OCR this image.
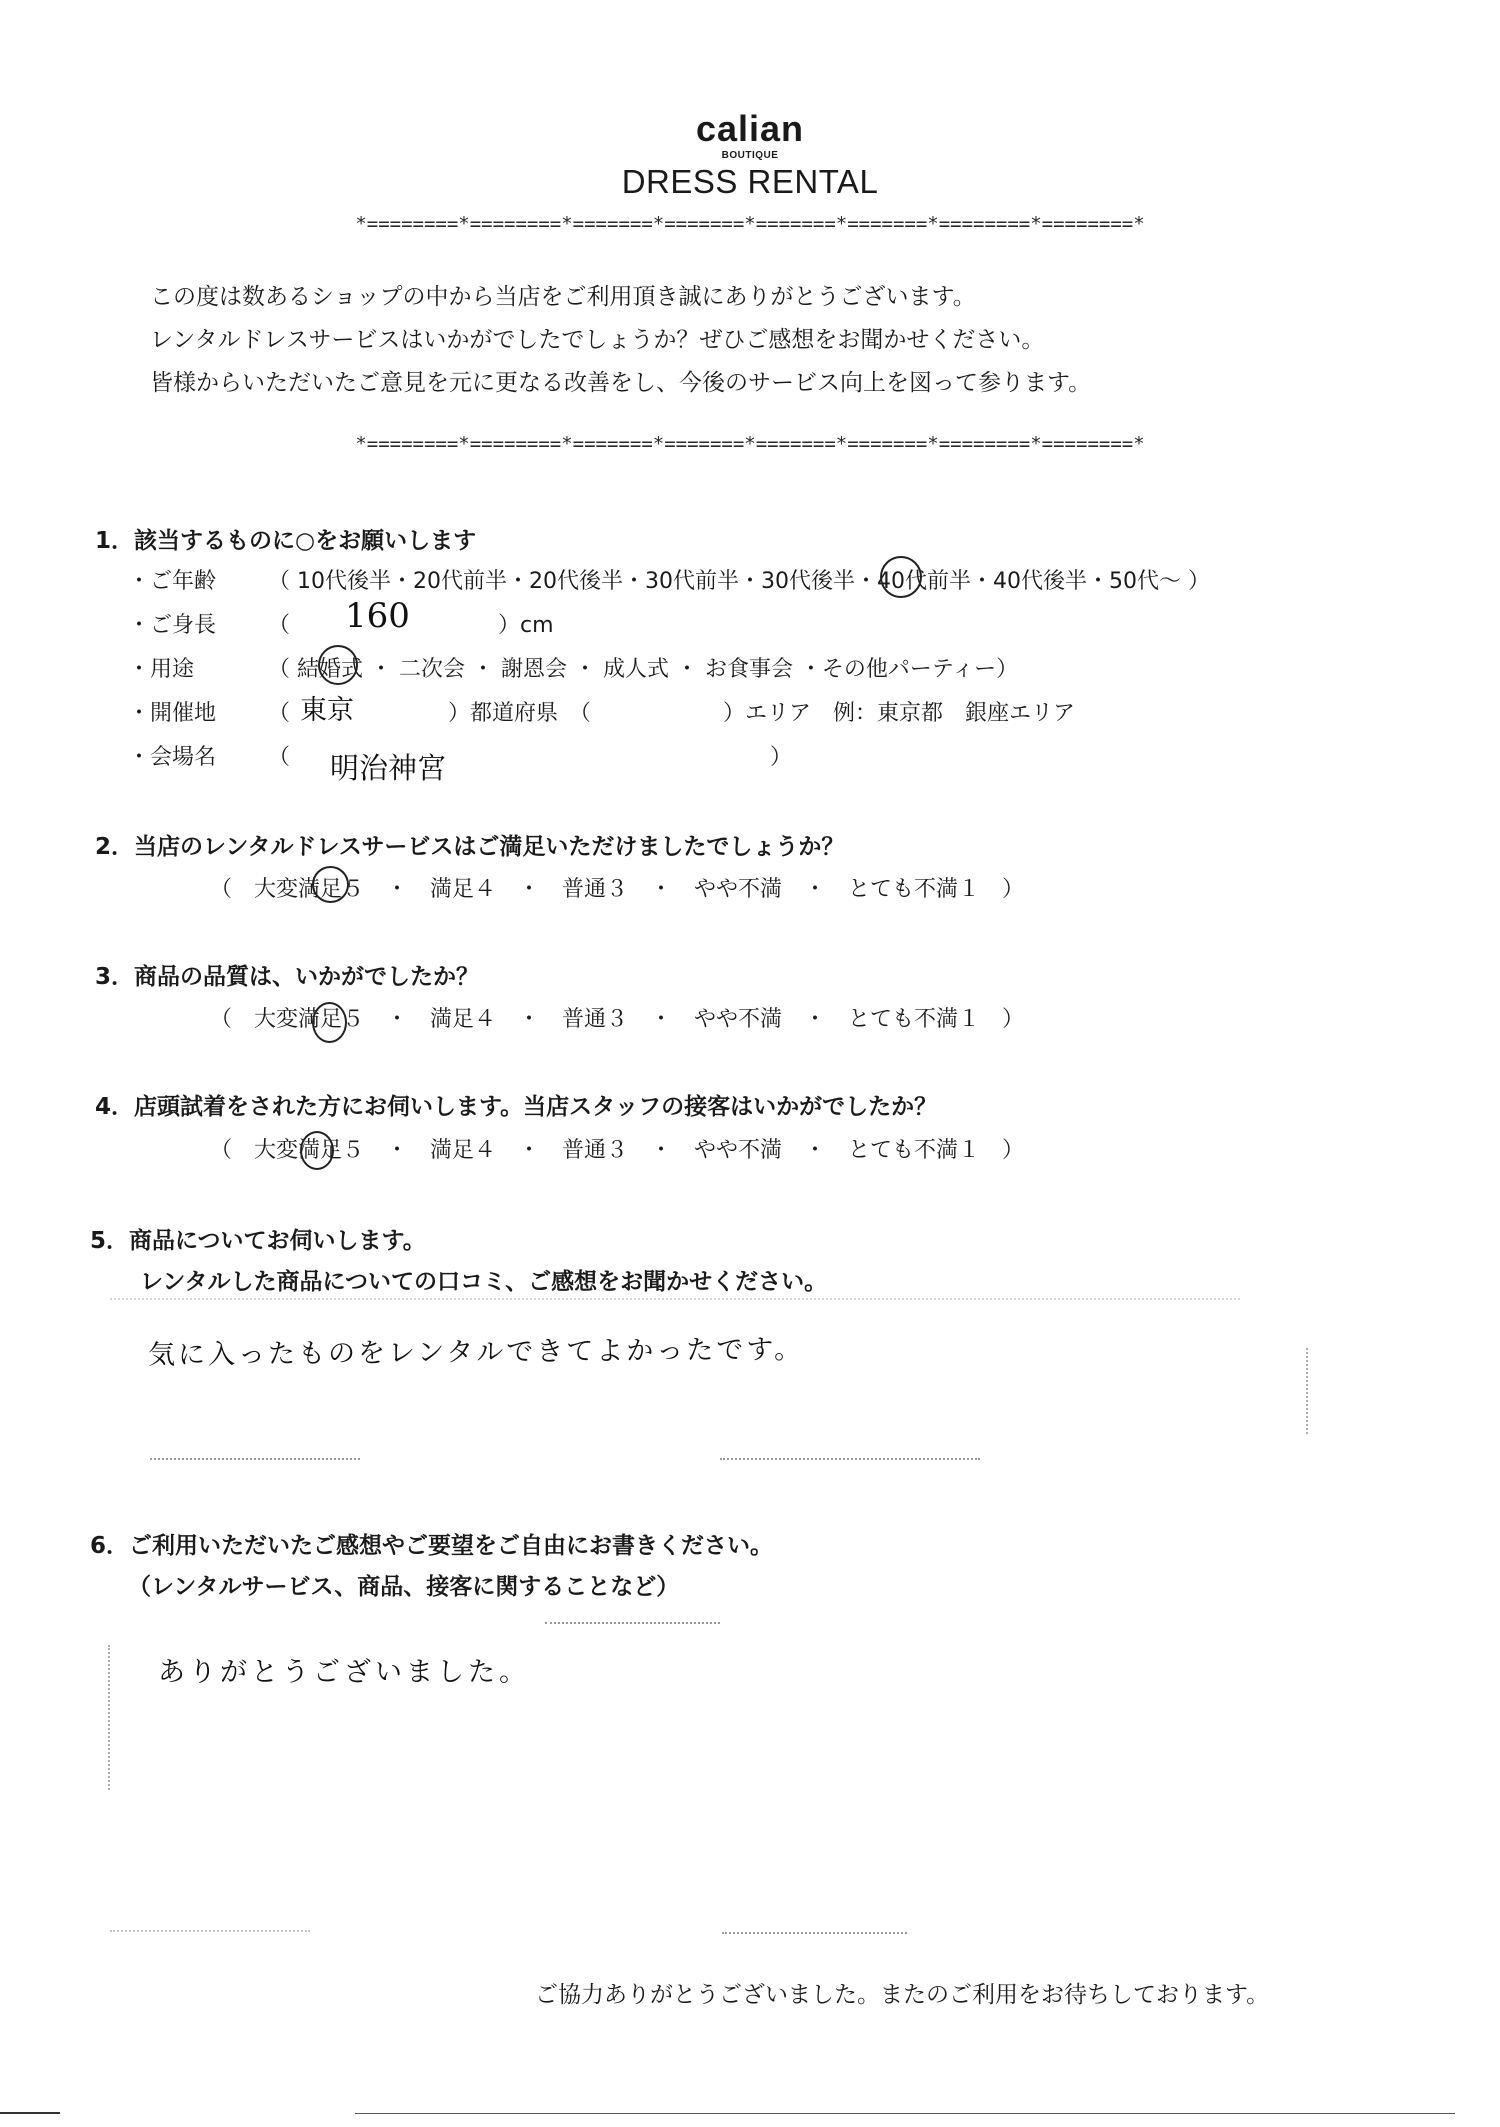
calian
BOUTIQUE
DRESS RENTAL
*========*========*=======*=======*=======*=======*========*========*
*========*========*=======*=======*=======*=======*========*========*
この度は数あるショップの中から当店をご利用頂き誠にありがとうございます。
レンタルドレスサービスはいかがでしたでしょうか？ぜひご感想をお聞かせください。
皆様からいただいたご意見を元に更なる改善をし、今後のサービス向上を図って参ります。
1．該当するものに○をお願いします
・ご年齢 （ 10代後半・20代前半・20代後半・30代前半・30代後半・40代前半・40代後半・50代〜 ）
・ご身長 （ 160	）cm
・用途	（ 結婚式 ・ 二次会 ・ 謝恩会 ・ 成人式 ・ お食事会 ・その他パーティー）
・開催地 （ 東京	）都道府県　（　　　　　　）エリア　例：東京都　銀座エリア
・会場名 （ 明治神宮	）
2．当店のレンタルドレスサービスはご満足いただけましたでしょうか？
（　大変満足５　・　満足４　・　普通３　・　やや不満　・　とても不満１　）
3．商品の品質は、いかがでしたか？
（　大変満足５　・　満足４　・　普通３　・　やや不満　・　とても不満１　）
4．店頭試着をされた方にお伺いします。当店スタッフの接客はいかがでしたか？
（　大変満足５　・　満足４　・　普通３　・　やや不満　・　とても不満１　）
5．商品についてお伺いします。
レンタルした商品についての口コミ、ご感想をお聞かせください。
気に入ったものをレンタルできてよかったです。
6．ご利用いただいたご感想やご要望をご自由にお書きください。
（レンタルサービス、商品、接客に関することなど）
ありがとうございました。
ご協力ありがとうございました。またのご利用をお待ちしております。
